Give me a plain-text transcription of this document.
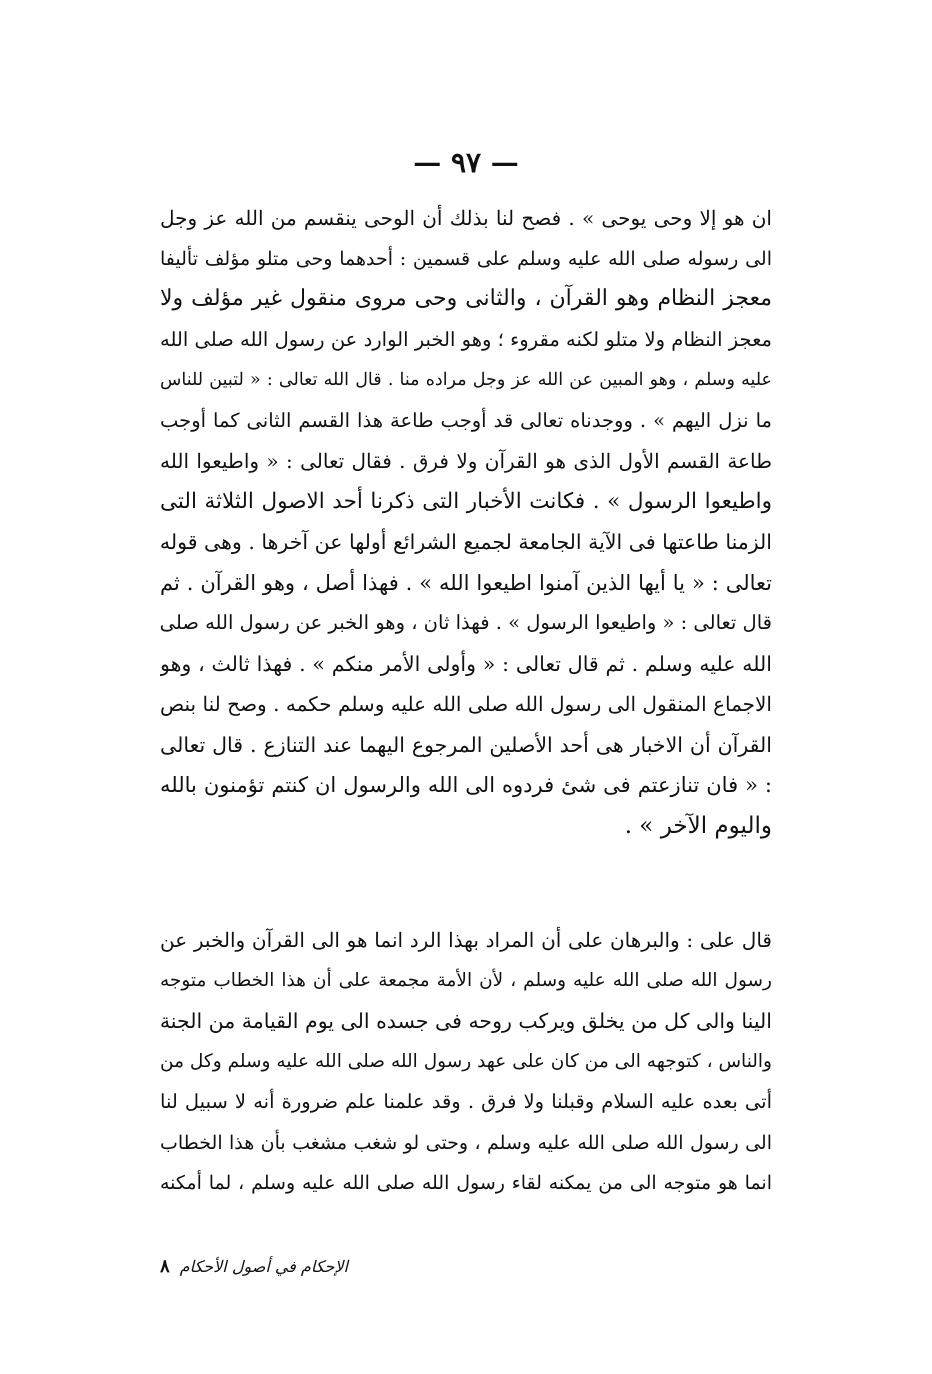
— ٩٧ —
ان هو إلا وحى يوحى » . فصح لنا بذلك أن الوحى ينقسم من الله عز وجل
الى رسوله صلى الله عليه وسلم على قسمين : أحدهما وحى متلو مؤلف تأليفا
معجز النظام وهو القرآن ، والثانى وحى مروى منقول غير مؤلف ولا
معجز النظام ولا متلو لكنه مقروء ؛ وهو الخبر الوارد عن رسول الله صلى الله
عليه وسلم ، وهو المبين عن الله عز وجل مراده منا . قال الله تعالى : « لتبين للناس
ما نزل اليهم » . ووجدناه تعالى قد أوجب طاعة هذا القسم الثانى كما أوجب
طاعة القسم الأول الذى هو القرآن ولا فرق . فقال تعالى : « واطيعوا الله
واطيعوا الرسول » . فكانت الأخبار التى ذكرنا أحد الاصول الثلاثة التى
الزمنا طاعتها فى الآية الجامعة لجميع الشرائع أولها عن آخرها . وهى قوله
تعالى : « يا أيها الذين آمنوا اطيعوا الله » . فهذا أصل ، وهو القرآن . ثم
قال تعالى : « واطيعوا الرسول » . فهذا ثان ، وهو الخبر عن رسول الله صلى
الله عليه وسلم . ثم قال تعالى : « وأولى الأمر منكم » . فهذا ثالث ، وهو
الاجماع المنقول الى رسول الله صلى الله عليه وسلم حكمه . وصح لنا بنص
القرآن أن الاخبار هى أحد الأصلين المرجوع اليهما عند التنازع . قال تعالى
: « فان تنازعتم فى شئ فردوه الى الله والرسول ان كنتم تؤمنون بالله
واليوم الآخر » .
قال على : والبرهان على أن المراد بهذا الرد انما هو الى القرآن والخبر عن
رسول الله صلى الله عليه وسلم ، لأن الأمة مجمعة على أن هذا الخطاب متوجه
الينا والى كل من يخلق ويركب روحه فى جسده الى يوم القيامة من الجنة
والناس ، كتوجهه الى من كان على عهد رسول الله صلى الله عليه وسلم وكل من
أتى بعده عليه السلام وقبلنا ولا فرق . وقد علمنا علم ضرورة أنه لا سبيل لنا
الى رسول الله صلى الله عليه وسلم ، وحتى لو شغب مشغب بأن هذا الخطاب
انما هو متوجه الى من يمكنه لقاء رسول الله صلى الله عليه وسلم ، لما أمكنه
الإحكام في أصول الأحكام
٨
